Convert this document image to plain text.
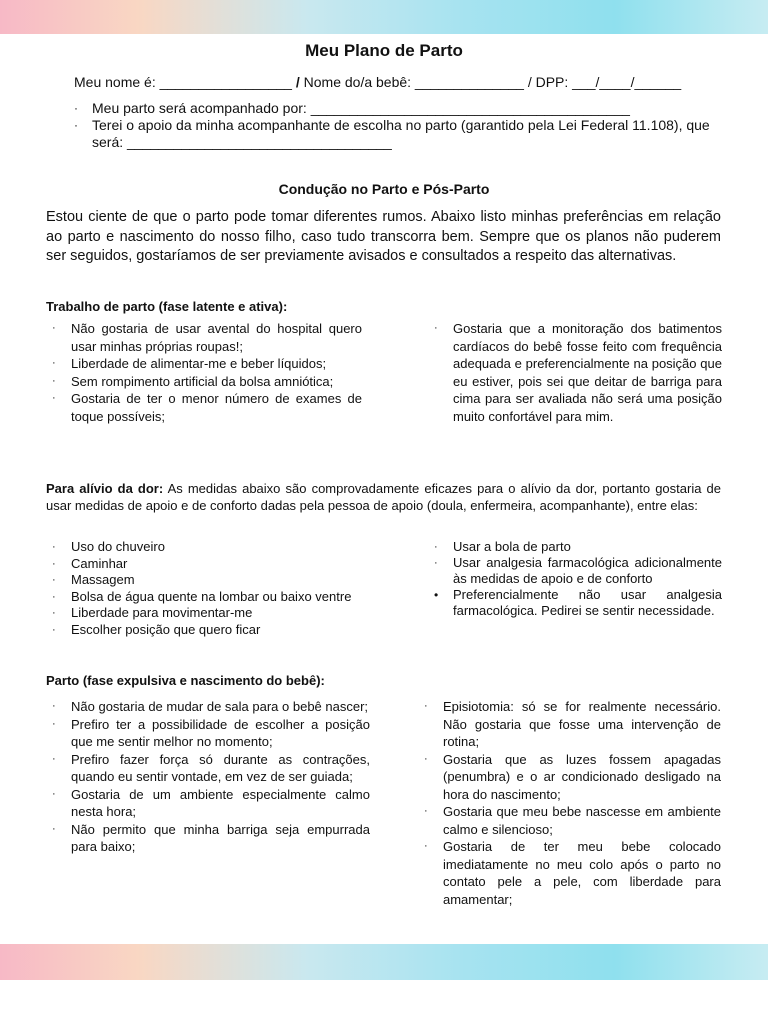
Meu Plano de Parto
Meu nome é: _________________ / Nome do/a bebê: ______________ / DPP: ___/____/______
· Meu parto será acompanhado por: _________________________________________
· Terei o apoio da minha acompanhante de escolha no parto (garantido pela Lei Federal 11.108), que será: __________________________________
Condução no Parto e Pós-Parto

Estou ciente de que o parto pode tomar diferentes rumos. Abaixo listo minhas preferências em relação ao parto e nascimento do nosso filho, caso tudo transcorra bem. Sempre que os planos não puderem ser seguidos, gostaríamos de ser previamente avisados e consultados a respeito das alternativas.

Trabalho de parto (fase latente e ativa):
· Não gostaria de usar avental do hospital quero usar minhas próprias roupas!;
· Liberdade de alimentar-me e beber líquidos;
· Sem rompimento artificial da bolsa amniótica;
· Gostaria de ter o menor número de exames de toque possíveis;
· Gostaria que a monitoração dos batimentos cardíacos do bebê fosse feito com frequência adequada e preferencialmente na posição que eu estiver, pois sei que deitar de barriga para cima para ser avaliada não será uma posição muito confortável para mim.

Para alívio da dor: As medidas abaixo são comprovadamente eficazes para o alívio da dor, portanto gostaria de usar medidas de apoio e de conforto dadas pela pessoa de apoio (doula, enfermeira, acompanhante), entre elas:

· Uso do chuveiro
· Caminhar
· Massagem
· Bolsa de água quente na lombar ou baixo ventre
· Liberdade para movimentar-me
· Escolher posição que quero ficar
· Usar a bola de parto
· Usar analgesia farmacológica adicionalmente às medidas de apoio e de conforto
• Preferencialmente não usar analgesia farmacológica. Pedirei se sentir necessidade.
Parto (fase expulsiva e nascimento do bebê):
· Não gostaria de mudar de sala para o bebê nascer;
· Prefiro ter a possibilidade de escolher a posição que me sentir melhor no momento;
· Prefiro fazer força só durante as contrações, quando eu sentir vontade, em vez de ser guiada;
· Gostaria de um ambiente especialmente calmo nesta hora;
· Não permito que minha barriga seja empurrada para baixo;
· Episiotomia: só se for realmente necessário. Não gostaria que fosse uma intervenção de rotina;
· Gostaria que as luzes fossem apagadas (penumbra) e o ar condicionado desligado na hora do nascimento;
· Gostaria que meu bebe nascesse em ambiente calmo e silencioso;
· Gostaria de ter meu bebe colocado imediatamente no meu colo após o parto no contato pele a pele, com liberdade para amamentar;
